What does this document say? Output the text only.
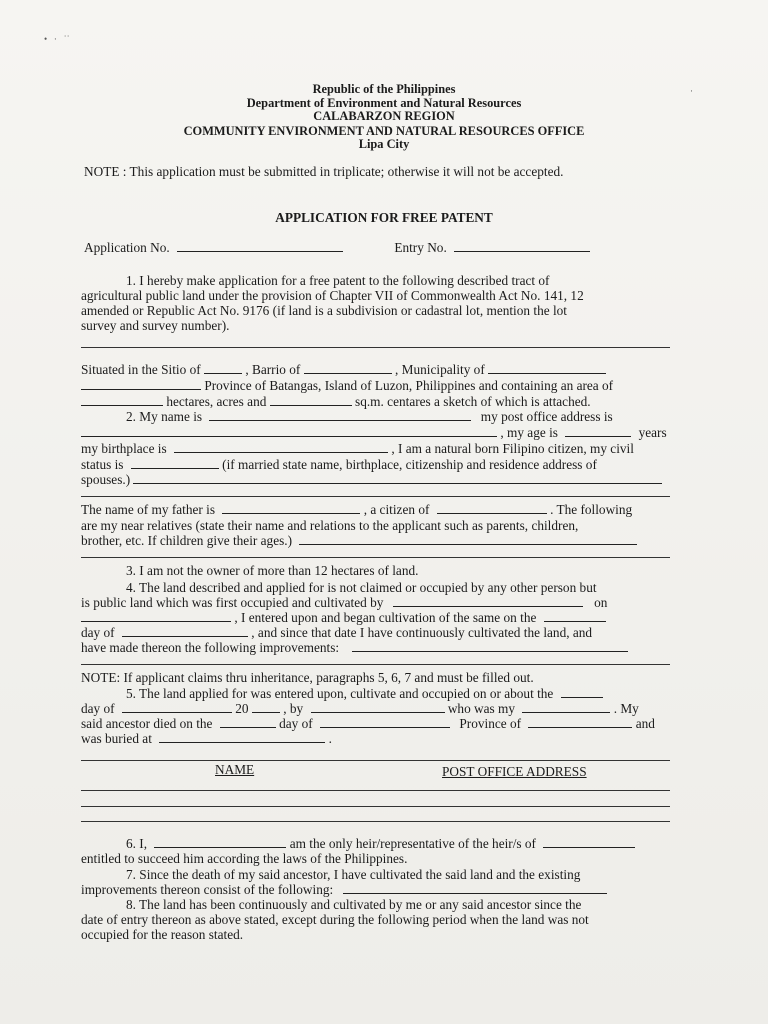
•   ·   ˙˙
·
Republic of the Philippines
Department of Environment and Natural Resources
CALABARZON REGION
COMMUNITY ENVIRONMENT AND NATURAL RESOURCES OFFICE
Lipa City
NOTE : This application must be submitted in triplicate; otherwise it will not be accepted.
APPLICATION FOR FREE PATENT
Application No.	Entry No.
1. I hereby make application for a free patent to the following described tract of
agricultural public land under the provision of Chapter VII of Commonwealth Act No. 141, 12
amended or Republic Act No. 9176 (if land is a subdivision or cadastral lot, mention the lot
survey and survey number).
Situated in the Sitio of	, Barrio of	, Municipality of
Province of Batangas, Island of Luzon, Philippines and containing an area of
hectares, acres and	sq.m. centares a sketch of which is attached.
2. My name is	my post office address is
, my age is	years
my birthplace is	, I am a natural born Filipino citizen, my civil
status is	(if married state name, birthplace, citizenship and residence address of
spouses.)
The name of my father is	, a citizen of	. The following
are my near relatives (state their name and relations to the applicant such as parents, children,
brother, etc. If children give their ages.)
3. I am not the owner of more than 12 hectares of land.
4. The land described and applied for is not claimed or occupied by any other person but
is public land which was first occupied and cultivated by	on
, I entered upon and began cultivation of the same on the
day of	, and since that date I have continuously cultivated the land, and
have made thereon the following improvements:
NOTE: If applicant claims thru inheritance, paragraphs 5, 6, 7 and must be filled out.
5. The land applied for was entered upon, cultivate and occupied on or about the
day of	20	, by	who was my	. My
said ancestor died on the	day of	Province of	and
was buried at	.
NAME	POST OFFICE ADDRESS
6. I,	am the only heir/representative of the heir/s of
entitled to succeed him according the laws of the Philippines.
7. Since the death of my said ancestor, I have cultivated the said land and the existing
improvements thereon consist of the following:
8. The land has been continuously and cultivated by me or any said ancestor since the
date of entry thereon as above stated, except during the following period when the land was not
occupied for the reason stated.
